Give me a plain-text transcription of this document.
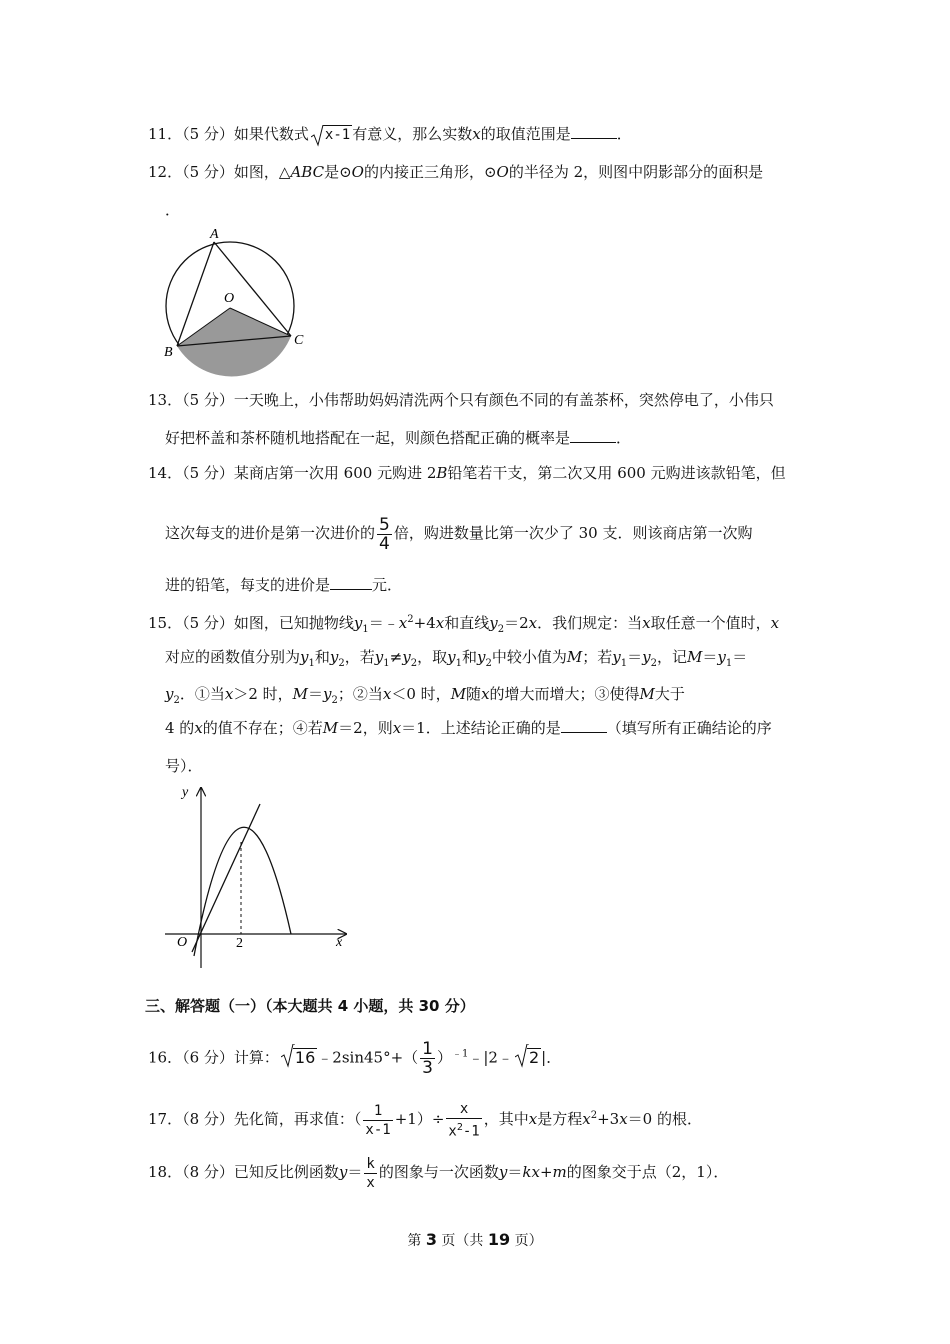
11．（5 分）如果代数式 x-1 有意义，那么实数x的取值范围是	．
12．（5 分）如图，△ABC是⊙O的内接正三角形，⊙O的半径为 2，则图中阴影部分的面积是
．
A
O
B
C
13．（5 分）一天晚上，小伟帮助妈妈清洗两个只有颜色不同的有盖茶杯，突然停电了，小伟只
好把杯盖和茶杯随机地搭配在一起，则颜色搭配正确的概率是	．
14．（5 分）某商店第一次用 600 元购进 2B铅笔若干支，第二次又用 600 元购进该款铅笔，但
这次每支的进价是第一次进价的 $\frac{5}{4}$ 倍，购进数量比第一次少了 30 支．则该商店第一次购
进的铅笔，每支的进价是	元．
15．（5 分）如图，已知抛物线$y_1=﹣x^2+4x$和直线$y_2=2x$．我们规定：当x取任意一个值时，x
对应的函数值分别为$y_1$和$y_2$，若$y_1\ne y_2$，取$y_1$和$y_2$中较小值为M；若$y_1=y_2$，记$M=y_1=$
$y_2$．①当x＞2 时，$M=y_2$；②当x＜0 时，M随x的增大而增大；③使得M大于
4 的x的值不存在；④若M＝2，则x＝1．上述结论正确的是	（填写所有正确结论的序
号）．
y
x
O	2
三、解答题（一）（本大题共 4 小题，共 30 分）
16．（6 分）计算： 16 ﹣2sin45°+（ $\frac{1}{3}$ ）$^{﹣1}$﹣|2﹣ 2 |．
17．（8 分）先化简，再求值：（ $\frac{1}{x-1} +1)\div \frac{x}{x^2-1}$ ，其中x是方程$x^2+3x=0$ 的根．
18．（8 分）已知反比例函数$y= \frac{k}{x}$ 的图象与一次函数y＝kx+m的图象交于点（2，1）．
第 3 页（共 19 页）
